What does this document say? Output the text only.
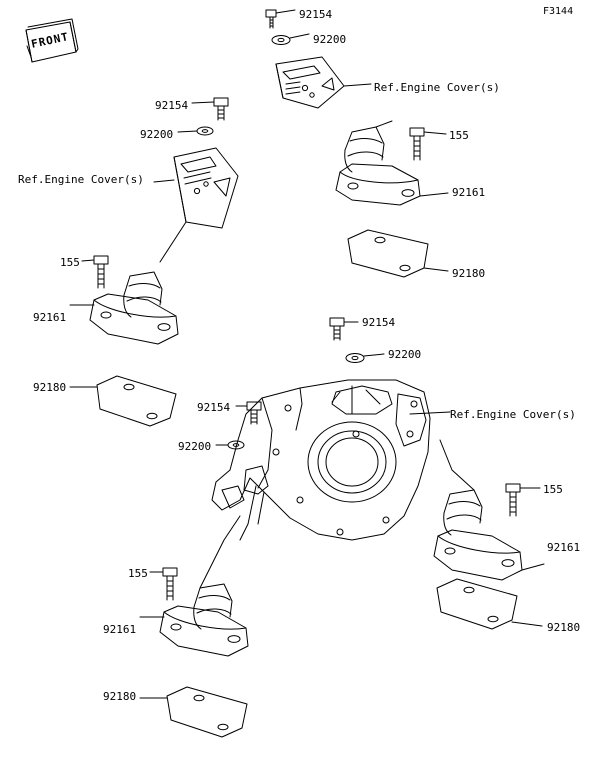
F3144
FRONT
92154
92200
Ref.Engine Cover(s)
155
92161
92180
92154
92200
Ref.Engine Cover(s)
155
92161
92180
92154
92200
Ref.Engine Cover(s)
92154
92200
155
92161
92180
155
92161
92180
